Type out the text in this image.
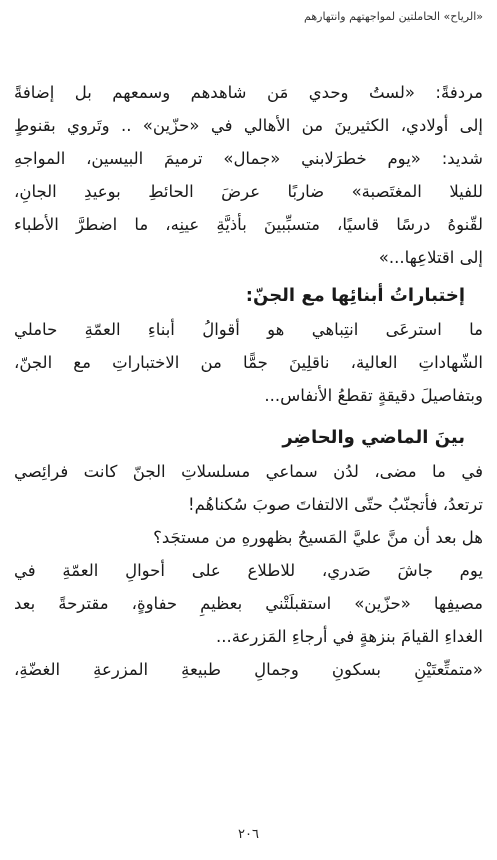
«الرياح» الحاملتين لمواجهتهم وانتهارهم
مردفةً: «لستُ وحدي مَن شاهدهم وسمعهم بل إضافةً
إلى أولادي، الكثيرينَ من الأهالي في «حزّين» .. وتَروي بقنوطٍ
شديد: «يوم خطرَلابني «جمال» ترميمَ البيسين، المواجهِ
للفيلا المغتَصبة» ضاربًا عرضَ الحائطِ بوعيدِ الجانِ،
لقّنوهُ درسًا قاسيًا، متسبِّبينَ بأذيَّةِ عينِه، ما اضطرَّ الأطباء
إلى اقتلاعِها...»
إختباراتُ أبنائِها مع الجنّ:
ما استرعَى انتِباهي هو أقوالُ أبناءِ العمّةِ حاملي
الشّهاداتِ العالية، ناقلِينَ جمًّا من الاختباراتِ مع الجنّ،
وبتفاصيلَ دقيقةٍ تقطعُ الأنفاس...
بينَ الماضي والحاضِر
في ما مضى، لدُن سماعي مسلسلاتِ الجنّ كانت فرائِصي
ترتعدُ، فأتجنّبُ حتّى الالتفاتَ صوبَ سُكناهُم!
هل بعد أن منَّ عليَّ المَسيحُ بظهورهِ من مستجَد؟
يوم جاشَ صَدري، للاطلاع على أحوالِ العمّةِ في
مصيفِها «حزّين» استقبلَتْني بعظيمِ حفاوةٍ، مقترحةً بعد
الغداءِ القيامَ بنزهةٍ في أرجاءِ المَزرعة...
«متمتِّعتَيْنِ بسكونِ وجمالِ طبيعةِ المزرعةِ الغضّةِ،
٢٠٦
